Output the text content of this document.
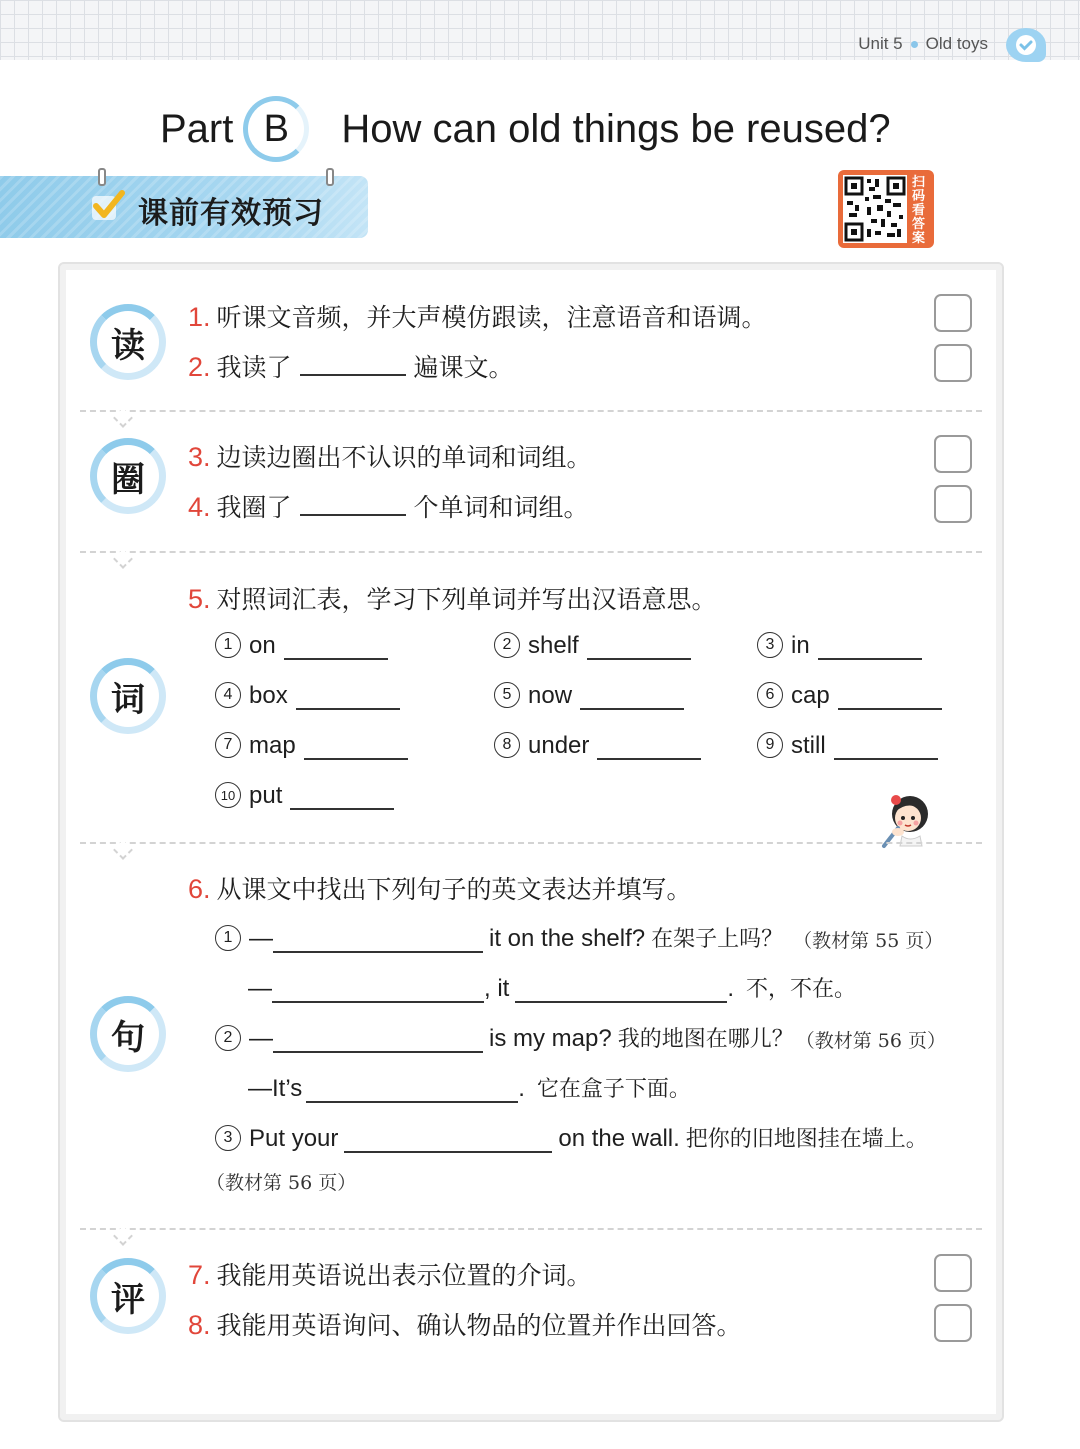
Unit 5 Old toys
Part B	How can old things be reused?
课前有效预习
扫码看答案
读
1. 听课文音频，并大声模仿跟读，注意语音和语调。
2. 我读了	遍课文。
圈
3. 边读边圈出不认识的单词和词组。
4. 我圈了	个单词和词组。
词
5. 对照词汇表，学习下列单词并写出汉语意思。
1 on	2 shelf	3 in
4 box	5 now	6 cap
7 map	8 under	9 still
10 put
句
6. 从课文中找出下列句子的英文表达并填写。
1 —	it on the shelf? 在架子上吗？ （教材第 55 页）
—	, it	. 不，不在。
2 —	is my map? 我的地图在哪儿？ （教材第 56 页）
—It’s	. 它在盒子下面。
3 Put your	on the wall. 把你的旧地图挂在墙上。
（教材第 56 页）
评
7. 我能用英语说出表示位置的介词。
8. 我能用英语询问、确认物品的位置并作出回答。
